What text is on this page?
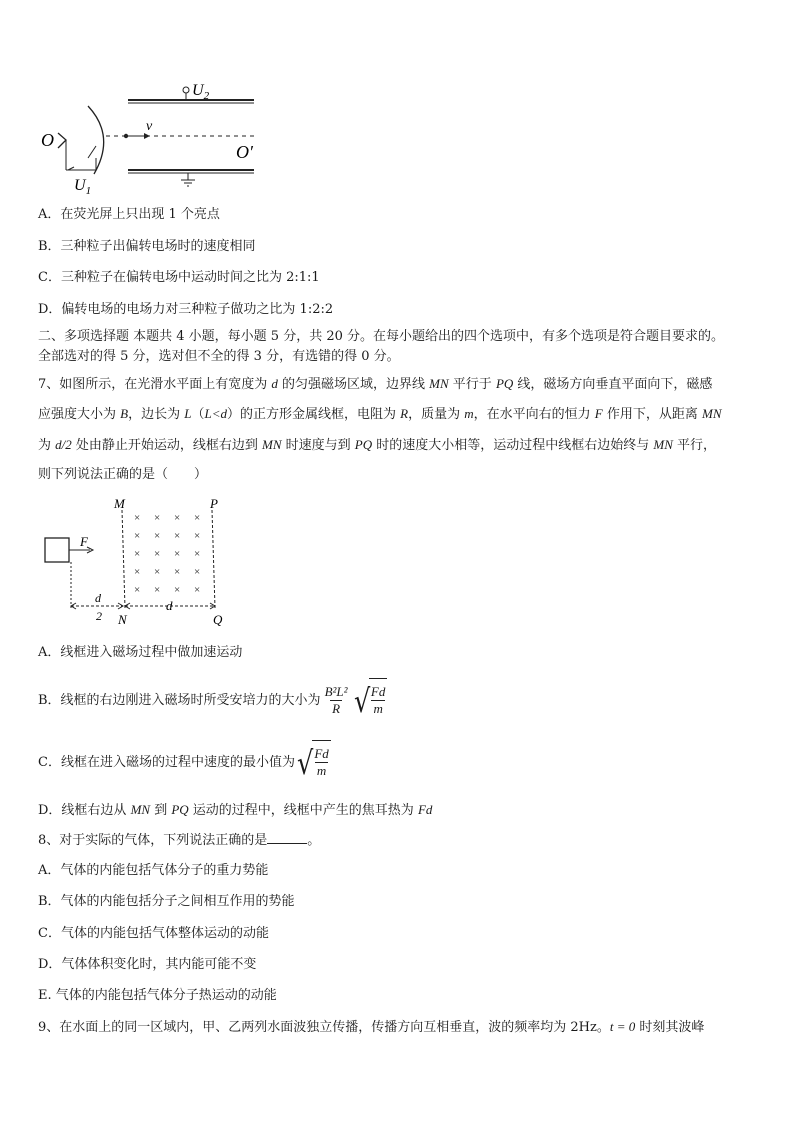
$U_2$
O
$U_1$
v
O′
A．在荧光屏上只出现 1 个亮点
B．三种粒子出偏转电场时的速度相同
C．三种粒子在偏转电场中运动时间之比为 2:1:1
D．偏转电场的电场力对三种粒子做功之比为 1:2:2
二、多项选择题 本题共 4 小题，每小题 5 分，共 20 分。在每小题给出的四个选项中，有多个选项是符合题目要求的。
全部选对的得 5 分，选对但不全的得 3 分，有选错的得 0 分。
7、如图所示，在光滑水平面上有宽度为 d 的匀强磁场区域，边界线 MN 平行于 PQ 线，磁场方向垂直平面向下，磁感
应强度大小为 B，边长为 L（L<d）的正方形金属线框，电阻为 R，质量为 m，在水平向右的恒力 F 作用下，从距离 MN
为 d/2 处由静止开始运动，线框右边到 MN 时速度与到 PQ 时的速度大小相等，运动过程中线框右边始终与 MN 平行，
则下列说法正确的是（　　）
F
M	P
N	Q
× × × ×
× × × ×
× × × ×
× × × ×
× × × ×
d
2
d
A．线框进入磁场过程中做加速运动
B．线框的右边刚进入磁场时所受安培力的大小为 $\frac{\text{B²L²}}{R}$ √ $\frac{Fd}{m}$
C．线框在进入磁场的过程中速度的最小值为 √ $\frac{Fd}{m}$
D．线框右边从 MN 到 PQ 运动的过程中，线框中产生的焦耳热为 Fd
8、对于实际的气体，下列说法正确的是	。
A．气体的内能包括气体分子的重力势能
B．气体的内能包括分子之间相互作用的势能
C．气体的内能包括气体整体运动的动能
D．气体体积变化时，其内能可能不变
E. 气体的内能包括气体分子热运动的动能
9、在水面上的同一区域内，甲、乙两列水面波独立传播，传播方向互相垂直，波的频率均为 2Hz。t = 0 时刻其波峰
